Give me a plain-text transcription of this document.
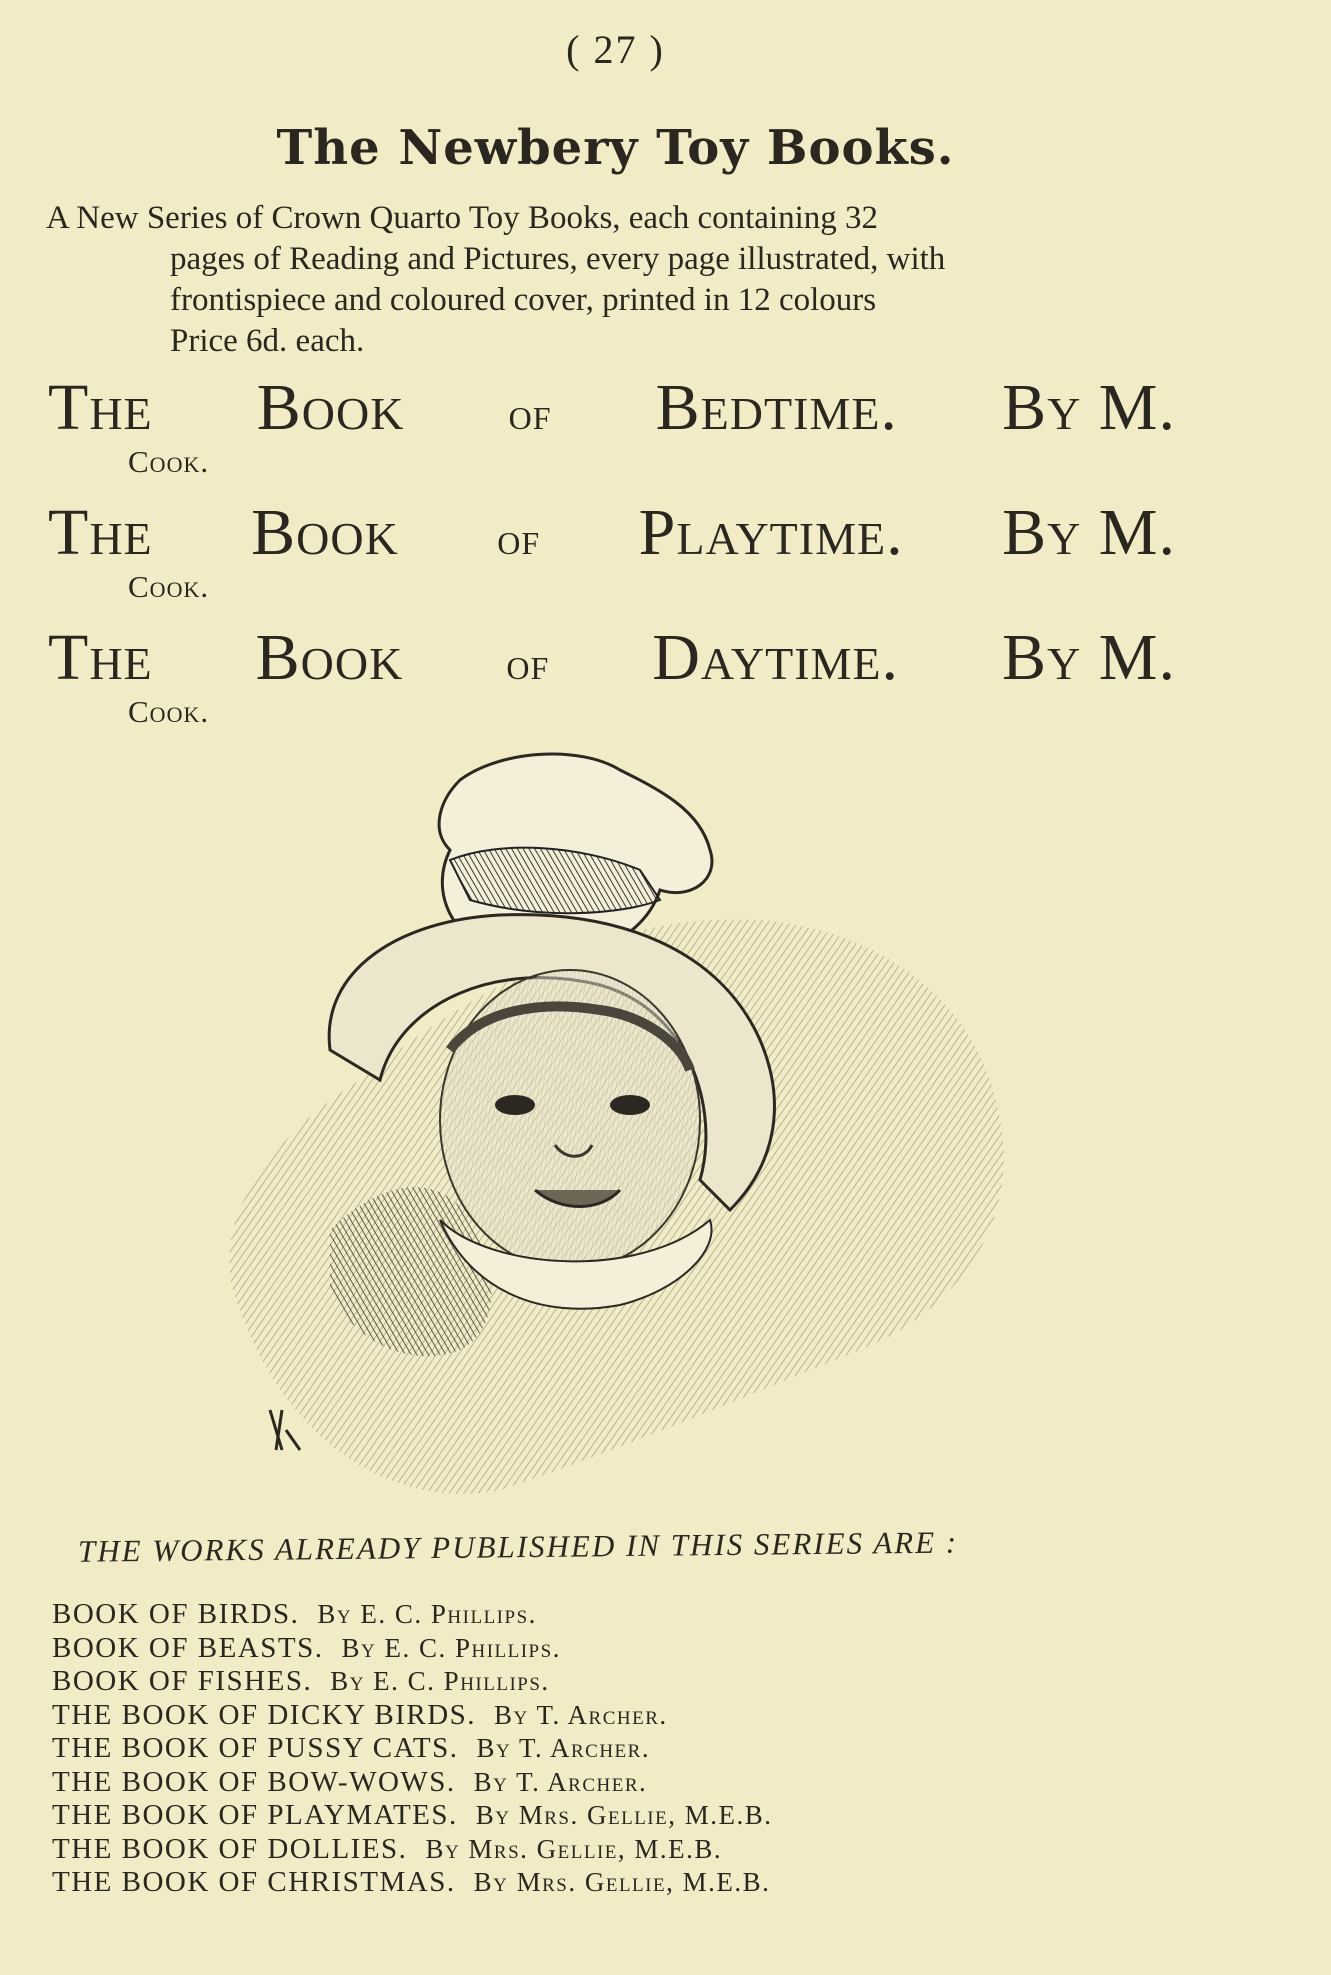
( 27 )
The Newbery Toy Books.
A New Series of Crown Quarto Toy Books, each containing 32
pages of Reading and Pictures, every page illustrated, with
frontispiece and coloured cover, printed in 12 colours
Price 6d. each.
The Book of Bedtime. By M.
Cook.
The Book of Playtime. By M.
Cook.
The Book of Daytime. By M.
Cook.
THE WORKS ALREADY PUBLISHED IN THIS SERIES ARE :
BOOK OF BIRDS. By E. C. Phillips.
BOOK OF BEASTS. By E. C. Phillips.
BOOK OF FISHES. By E. C. Phillips.
THE BOOK OF DICKY BIRDS. By T. Archer.
THE BOOK OF PUSSY CATS. By T. Archer.
THE BOOK OF BOW-WOWS. By T. Archer.
THE BOOK OF PLAYMATES. By Mrs. Gellie, M.E.B.
THE BOOK OF DOLLIES. By Mrs. Gellie, M.E.B.
THE BOOK OF CHRISTMAS. By Mrs. Gellie, M.E.B.
